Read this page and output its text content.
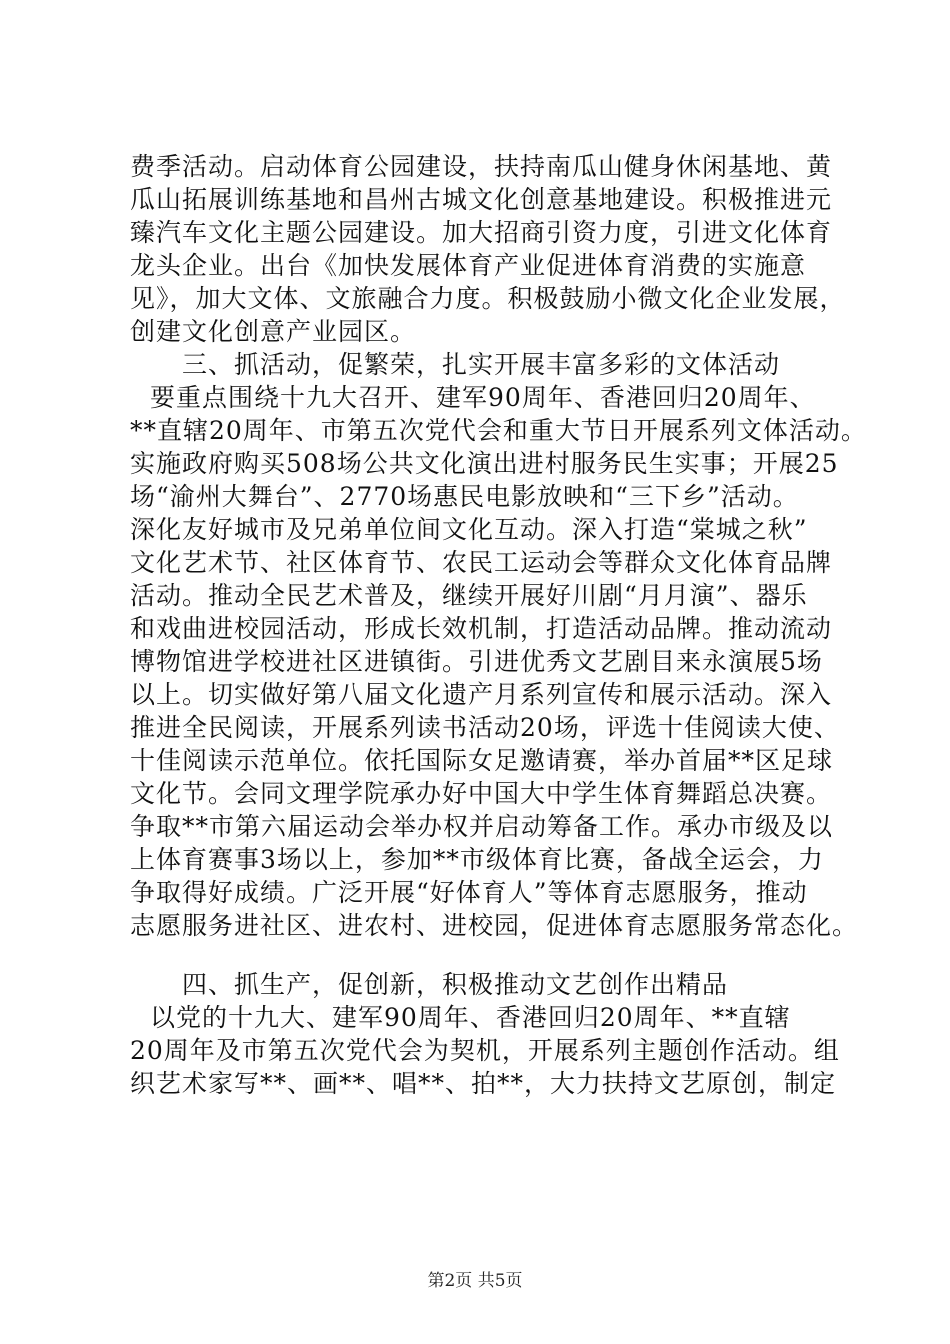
费季活动。启动体育公园建设，扶持南瓜山健身休闲基地、黄
瓜山拓展训练基地和昌州古城文化创意基地建设。积极推进元
臻汽车文化主题公园建设。加大招商引资力度，引进文化体育
龙头企业。出台《加快发展体育产业促进体育消费的实施意
见》，加大文体、文旅融合力度。积极鼓励小微文化企业发展，
创建文化创意产业园区。
三、抓活动，促繁荣，扎实开展丰富多彩的文体活动
要重点围绕十九大召开、建军90周年、香港回归20周年、
**直辖20周年、市第五次党代会和重大节日开展系列文体活动。
实施政府购买508场公共文化演出进村服务民生实事；开展25
场“渝州大舞台”、2770场惠民电影放映和“三下乡”活动。
深化友好城市及兄弟单位间文化互动。深入打造“棠城之秋”
文化艺术节、社区体育节、农民工运动会等群众文化体育品牌
活动。推动全民艺术普及，继续开展好川剧“月月演”、器乐
和戏曲进校园活动，形成长效机制，打造活动品牌。推动流动
博物馆进学校进社区进镇街。引进优秀文艺剧目来永演展5场
以上。切实做好第八届文化遗产月系列宣传和展示活动。深入
推进全民阅读，开展系列读书活动20场，评选十佳阅读大使、
十佳阅读示范单位。依托国际女足邀请赛，举办首届**区足球
文化节。会同文理学院承办好中国大中学生体育舞蹈总决赛。
争取**市第六届运动会举办权并启动筹备工作。承办市级及以
上体育赛事3场以上，参加**市级体育比赛，备战全运会，力
争取得好成绩。广泛开展“好体育人”等体育志愿服务，推动
志愿服务进社区、进农村、进校园，促进体育志愿服务常态化。
四、抓生产，促创新，积极推动文艺创作出精品
以党的十九大、建军90周年、香港回归20周年、**直辖
20周年及市第五次党代会为契机，开展系列主题创作活动。组
织艺术家写**、画**、唱**、拍**，大力扶持文艺原创，制定
第2页 共5页
